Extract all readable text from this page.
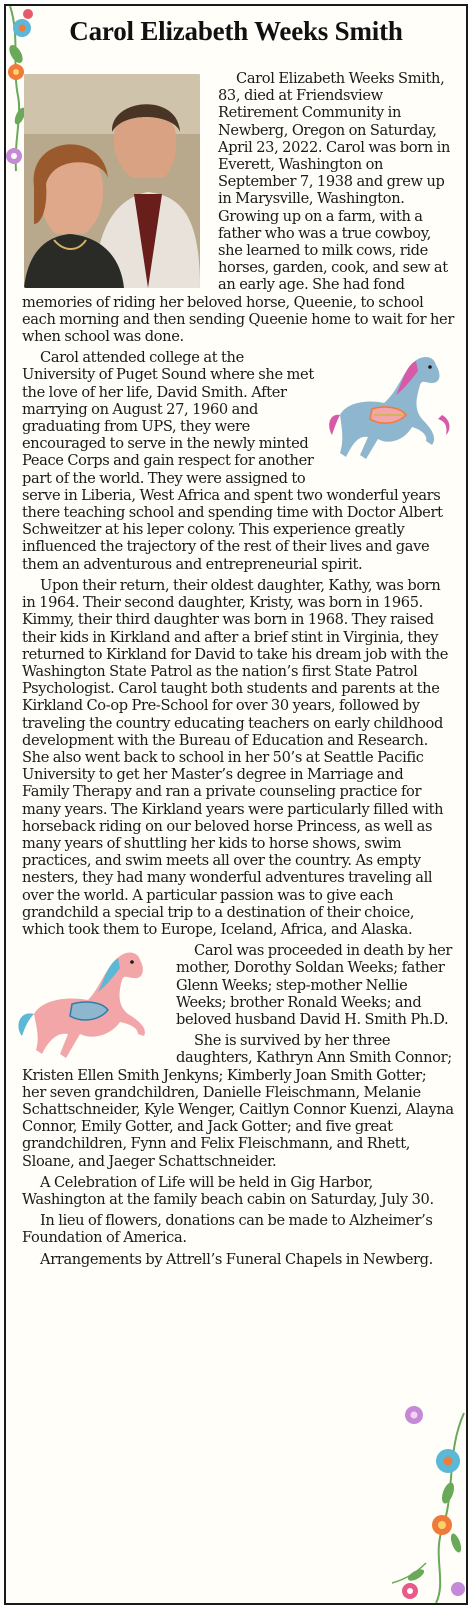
Carol Elizabeth Weeks Smith

Carol Elizabeth Weeks Smith, 83, died at Friendsview Retirement Community in Newberg, Oregon on Saturday, April 23, 2022. Carol was born in Everett, Washington on September 7, 1938 and grew up in Marysville, Washington. Growing up on a farm, with a father who was a true cowboy, she learned to milk cows, ride horses, garden, cook, and sew at an early age. She had fond memories of riding her beloved horse, Queenie, to school each morning and then sending Queenie home to wait for her when school was done.

Carol attended college at the University of Puget Sound where she met the love of her life, David Smith. After marrying on August 27, 1960 and graduating from UPS, they were encouraged to serve in the newly minted Peace Corps and gain respect for another part of the world. They were assigned to serve in Liberia, West Africa and spent two wonderful years there teaching school and spending time with Doctor Albert Schweitzer at his leper colony. This experience greatly influenced the trajectory of the rest of their lives and gave them an adventurous and entrepreneurial spirit.

Upon their return, their oldest daughter, Kathy, was born in 1964. Their second daughter, Kristy, was born in 1965. Kimmy, their third daughter was born in 1968. They raised their kids in Kirkland and after a brief stint in Virginia, they returned to Kirkland for David to take his dream job with the Washington State Patrol as the nation’s first State Patrol Psychologist. Carol taught both students and parents at the Kirkland Co-op Pre-School for over 30 years, followed by traveling the country educating teachers on early childhood development with the Bureau of Education and Research. She also went back to school in her 50’s at Seattle Pacific University to get her Master’s degree in Marriage and Family Therapy and ran a private counseling practice for many years. The Kirkland years were particularly filled with horseback riding on our beloved horse Princess, as well as many years of shuttling her kids to horse shows, swim practices, and swim meets all over the country. As empty nesters, they had many wonderful adventures traveling all over the world. A particular passion was to give each grandchild a special trip to a destination of their choice, which took them to Europe, Iceland, Africa, and Alaska.

Carol was proceeded in death by her mother, Dorothy Soldan Weeks; father Glenn Weeks; step-mother Nellie Weeks; brother Ronald Weeks; and beloved husband David H. Smith Ph.D.

She is survived by her three daughters, Kathryn Ann Smith Connor; Kristen Ellen Smith Jenkyns; Kimberly Joan Smith Gotter; her seven grandchildren, Danielle Fleischmann, Melanie Schattschneider, Kyle Wenger, Caitlyn Connor Kuenzi, Alayna Connor, Emily Gotter, and Jack Gotter; and five great grandchildren, Fynn and Felix Fleischmann, and Rhett, Sloane, and Jaeger Schattschneider.

A Celebration of Life will be held in Gig Harbor, Washington at the family beach cabin on Saturday, July 30.

In lieu of flowers, donations can be made to Alzheimer’s Foundation of America.

Arrangements by Attrell’s Funeral Chapels in Newberg.
